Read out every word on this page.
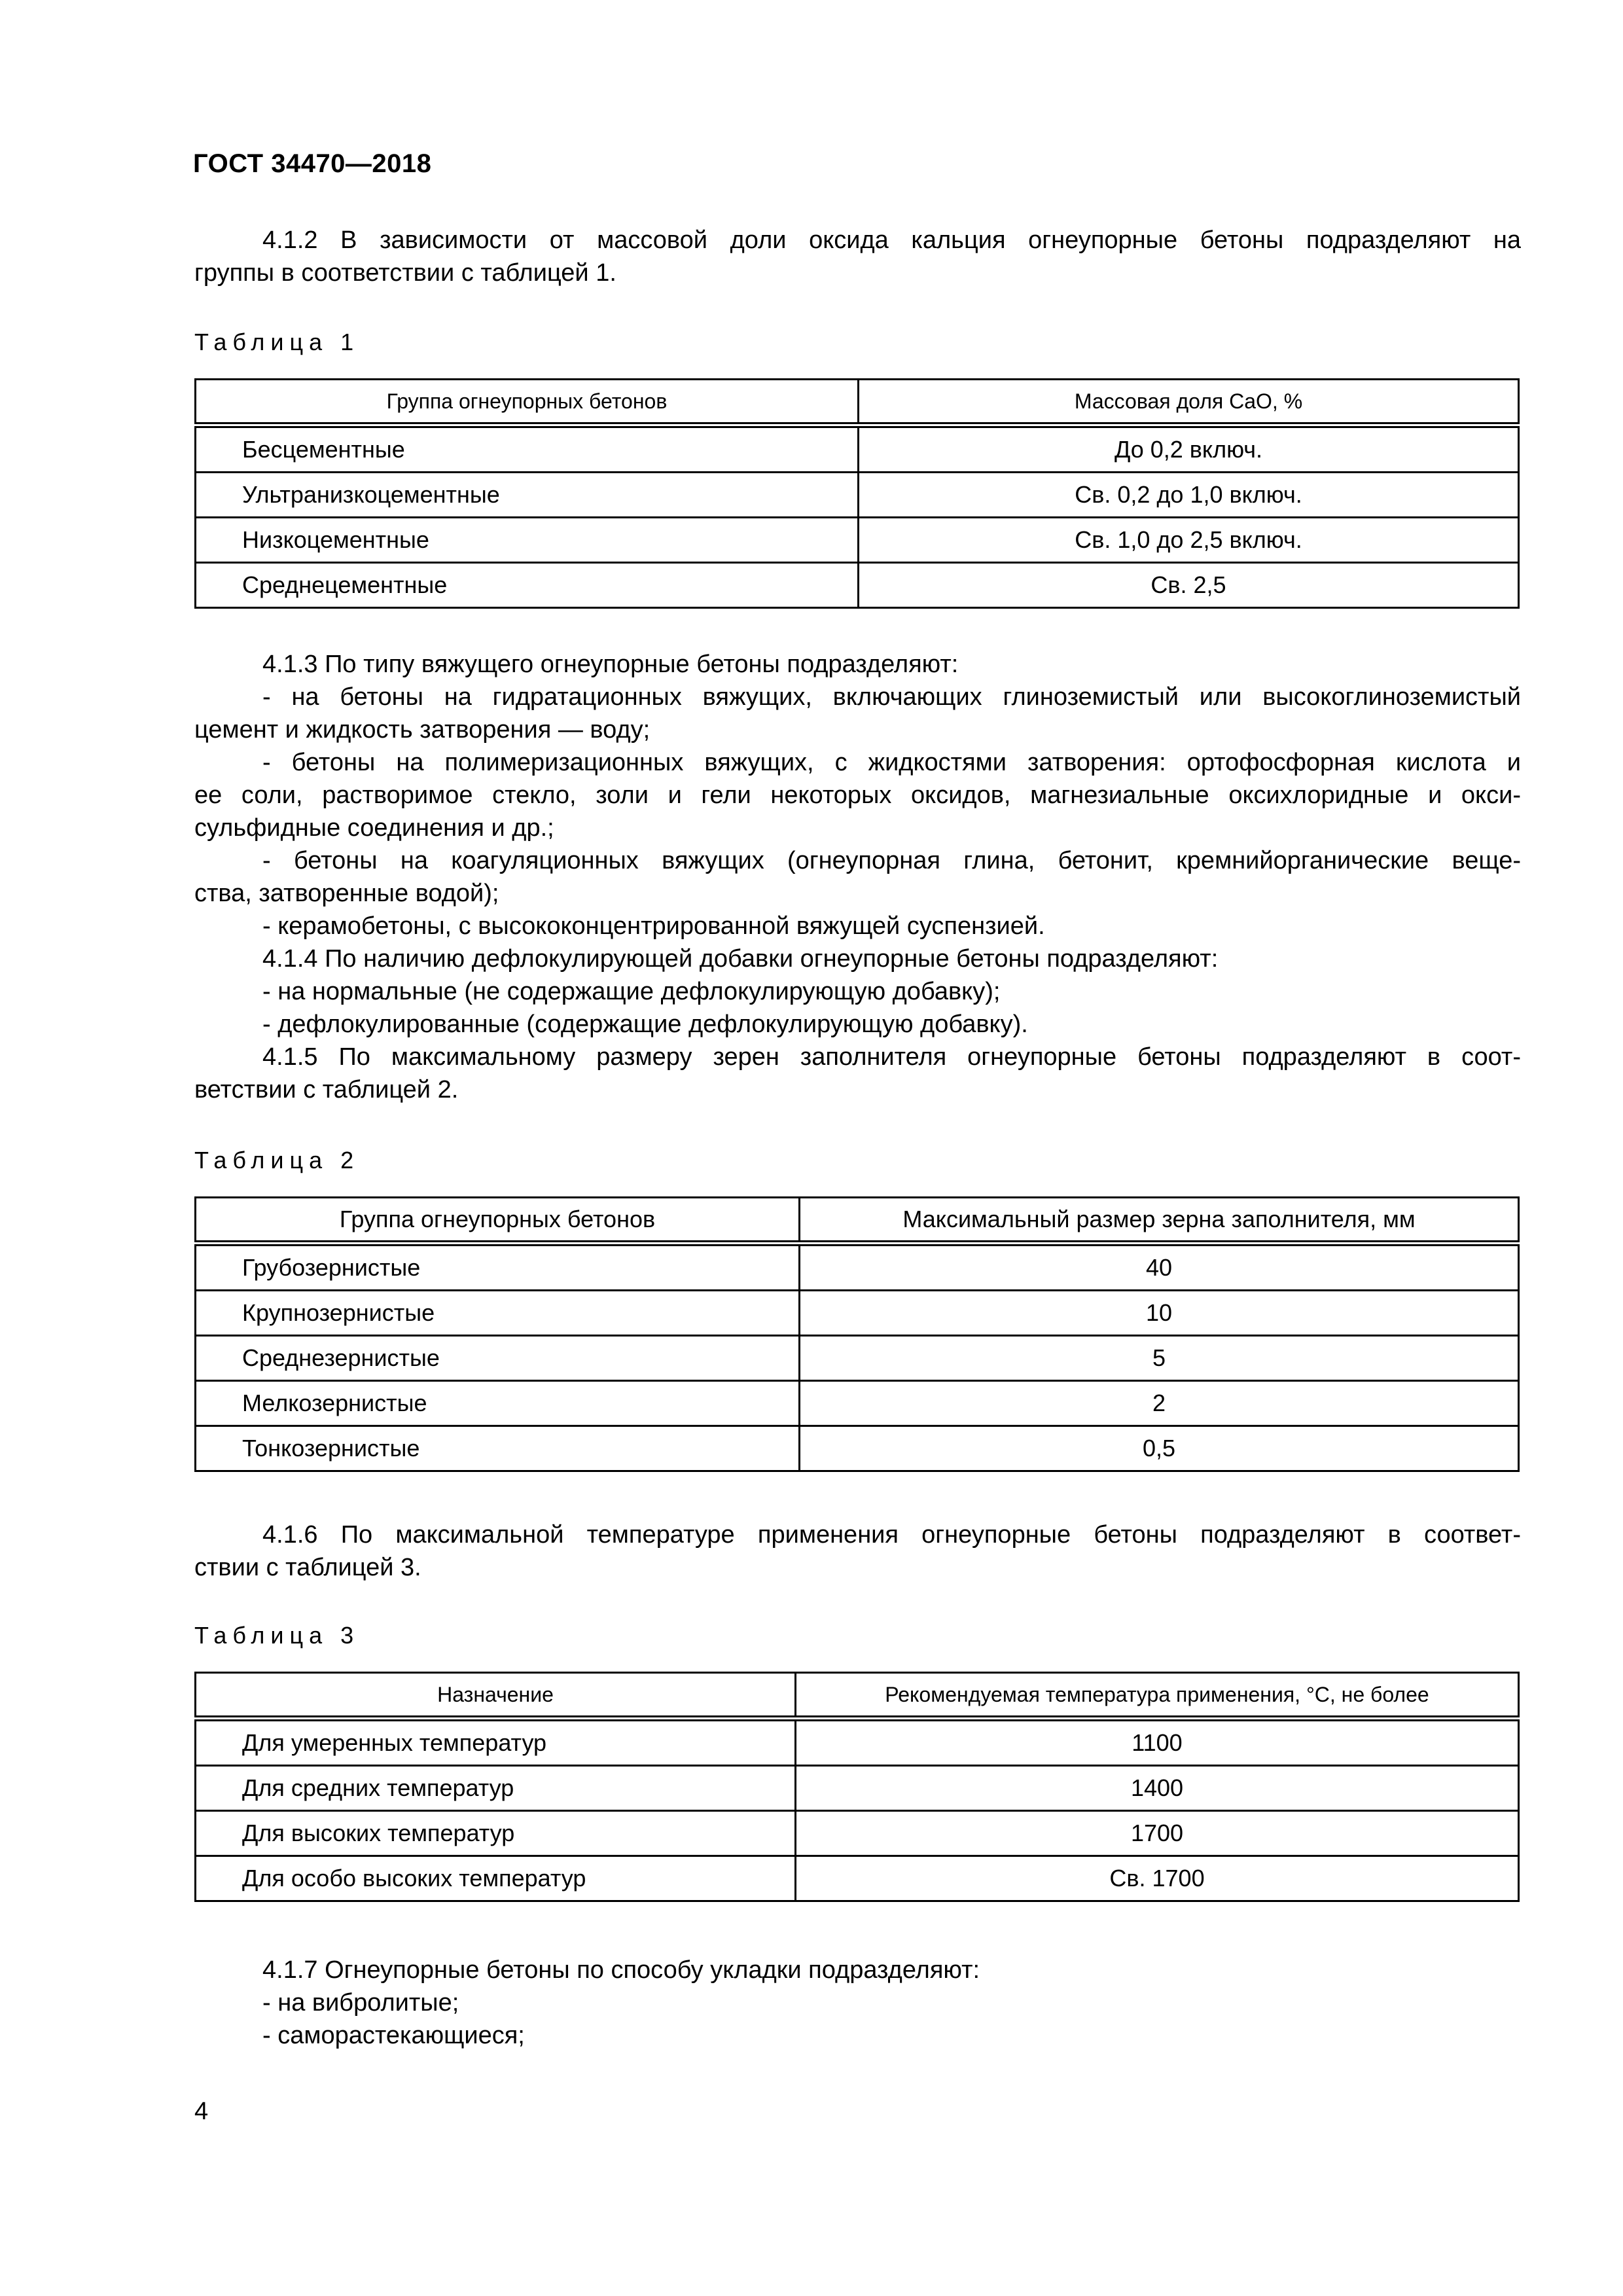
ГОСТ 34470—2018
4.1.2 В зависимости от массовой доли оксида кальция огнеупорные бетоны подразделяют на
группы в соответствии с таблицей 1.
Таблица 1
Группа огнеупорных бетонов	Массовая доля CaO, %
Бесцементные	До 0,2 включ.
Ультранизкоцементные	Св. 0,2 до 1,0 включ.
Низкоцементные	Св. 1,0 до 2,5 включ.
Среднецементные	Св. 2,5
4.1.3 По типу вяжущего огнеупорные бетоны подразделяют:
- на бетоны на гидратационных вяжущих, включающих глиноземистый или высокоглиноземистый
цемент и жидкость затворения — воду;
- бетоны на полимеризационных вяжущих, с жидкостями затворения: ортофосфорная кислота и
ее соли, растворимое стекло, золи и гели некоторых оксидов, магнезиальные оксихлоридные и окси-
сульфидные соединения и др.;
- бетоны на коагуляционных вяжущих (огнеупорная глина, бетонит, кремнийорганические веще-
ства, затворенные водой);
- керамобетоны, с высококонцентрированной вяжущей суспензией.
4.1.4 По наличию дефлокулирующей добавки огнеупорные бетоны подразделяют:
- на нормальные (не содержащие дефлокулирующую добавку);
- дефлокулированные (содержащие дефлокулирующую добавку).
4.1.5 По максимальному размеру зерен заполнителя огнеупорные бетоны подразделяют в соот-
ветствии с таблицей 2.
Таблица 2
Группа огнеупорных бетонов	Максимальный размер зерна заполнителя, мм
Грубозернистые	40
Крупнозернистые	10
Среднезернистые	5
Мелкозернистые	2
Тонкозернистые	0,5
4.1.6 По максимальной температуре применения огнеупорные бетоны подразделяют в соответ-
ствии с таблицей 3.
Таблица 3
Назначение	Рекомендуемая температура применения, °С, не более
Для умеренных температур	1100
Для средних температур	1400
Для высоких температур	1700
Для особо высоких температур	Св. 1700
4.1.7 Огнеупорные бетоны по способу укладки подразделяют:
- на вибролитые;
- саморастекающиеся;
4
